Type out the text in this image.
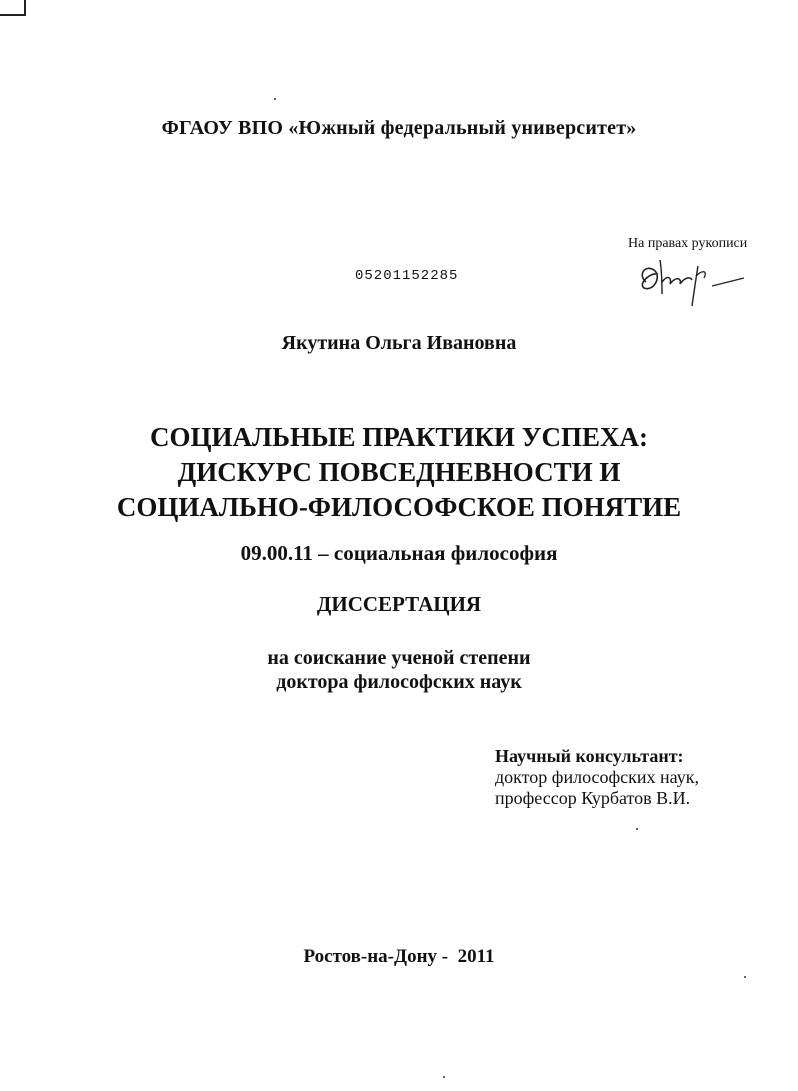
ФГАОУ ВПО «Южный федеральный университет»
На правах рукописи
05201152285
Якутина Ольга Ивановна
СОЦИАЛЬНЫЕ ПРАКТИКИ УСПЕХА:
ДИСКУРС ПОВСЕДНЕВНОСТИ И
СОЦИАЛЬНО-ФИЛОСОФСКОЕ ПОНЯТИЕ
09.00.11 – социальная философия
ДИССЕРТАЦИЯ
на соискание ученой степени
доктора философских наук
Научный консультант:
доктор философских наук,
профессор Курбатов В.И.
Ростов-на-Дону -  2011
